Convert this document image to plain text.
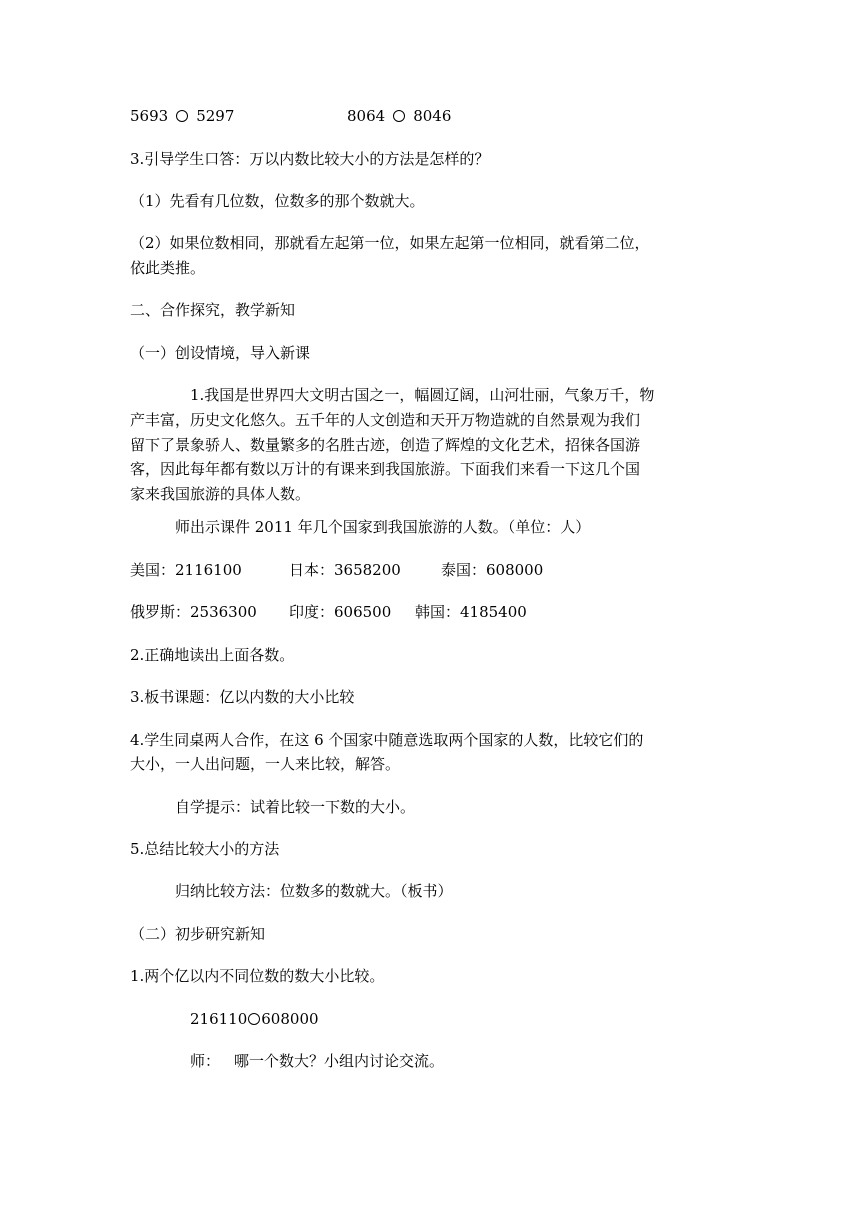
5693 5297	8064 8046
3.引导学生口答：万以内数比较大小的方法是怎样的？
（1）先看有几位数，位数多的那个数就大。
（2）如果位数相同，那就看左起第一位，如果左起第一位相同，就看第二位，
依此类推。
二、合作探究，教学新知
（一）创设情境，导入新课
1.我国是世界四大文明古国之一，幅圆辽阔，山河壮丽，气象万千，物
产丰富，历史文化悠久。五千年的人文创造和天开万物造就的自然景观为我们
留下了景象骄人、数量繁多的名胜古迹，创造了辉煌的文化艺术，招徕各国游
客，因此每年都有数以万计的有课来到我国旅游。下面我们来看一下这几个国
家来我国旅游的具体人数。
师出示课件 2011 年几个国家到我国旅游的人数。（单位：人）
美国：2116100	日本：3658200	泰国：608000
俄罗斯：2536300 印度：606500 韩国：4185400
2.正确地读出上面各数。
3.板书课题：亿以内数的大小比较
4.学生同桌两人合作，在这 6 个国家中随意选取两个国家的人数，比较它们的
大小，一人出问题，一人来比较，解答。
自学提示：试着比较一下数的大小。
5.总结比较大小的方法
归纳比较方法：位数多的数就大。（板书）
（二）初步研究新知
1.两个亿以内不同位数的数大小比较。
216110 608000
师： 哪一个数大？小组内讨论交流。
